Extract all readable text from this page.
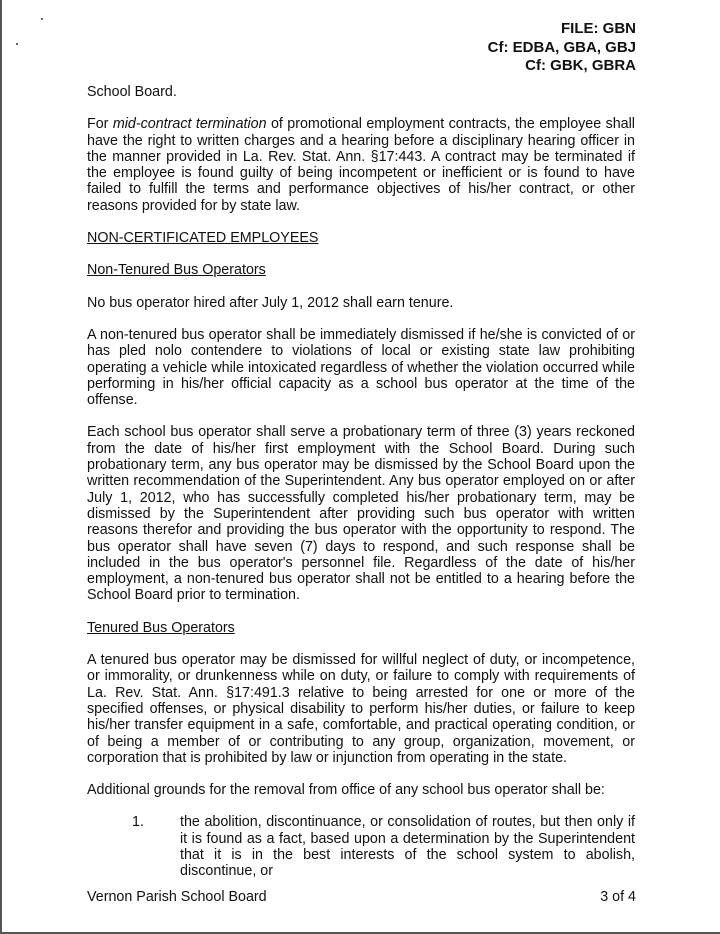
FILE: GBN
Cf: EDBA, GBA, GBJ
Cf: GBK, GBRA

School Board.

For mid-contract termination of promotional employment contracts, the employee shall have the right to written charges and a hearing before a disciplinary hearing officer in the manner provided in La. Rev. Stat. Ann. §17:443. A contract may be terminated if the employee is found guilty of being incompetent or inefficient or is found to have failed to fulfill the terms and performance objectives of his/her contract, or other reasons provided for by state law.

NON-CERTIFICATED EMPLOYEES
Non-Tenured Bus Operators

No bus operator hired after July 1, 2012 shall earn tenure.

A non-tenured bus operator shall be immediately dismissed if he/she is convicted of or has pled nolo contendere to violations of local or existing state law prohibiting operating a vehicle while intoxicated regardless of whether the violation occurred while performing in his/her official capacity as a school bus operator at the time of the offense.

Each school bus operator shall serve a probationary term of three (3) years reckoned from the date of his/her first employment with the School Board. During such probationary term, any bus operator may be dismissed by the School Board upon the written recommendation of the Superintendent. Any bus operator employed on or after July 1, 2012, who has successfully completed his/her probationary term, may be dismissed by the Superintendent after providing such bus operator with written reasons therefor and providing the bus operator with the opportunity to respond. The bus operator shall have seven (7) days to respond, and such response shall be included in the bus operator's personnel file. Regardless of the date of his/her employment, a non-tenured bus operator shall not be entitled to a hearing before the School Board prior to termination.

Tenured Bus Operators

A tenured bus operator may be dismissed for willful neglect of duty, or incompetence, or immorality, or drunkenness while on duty, or failure to comply with requirements of La. Rev. Stat. Ann. §17:491.3 relative to being arrested for one or more of the specified offenses, or physical disability to perform his/her duties, or failure to keep his/her transfer equipment in a safe, comfortable, and practical operating condition, or of being a member of or contributing to any group, organization, movement, or corporation that is prohibited by law or injunction from operating in the state.

Additional grounds for the removal from office of any school bus operator shall be:

1.	the abolition, discontinuance, or consolidation of routes, but then only if it is found as a fact, based upon a determination by the Superintendent that it is in the best interests of the school system to abolish, discontinue, or
Vernon Parish School Board	3 of 4
